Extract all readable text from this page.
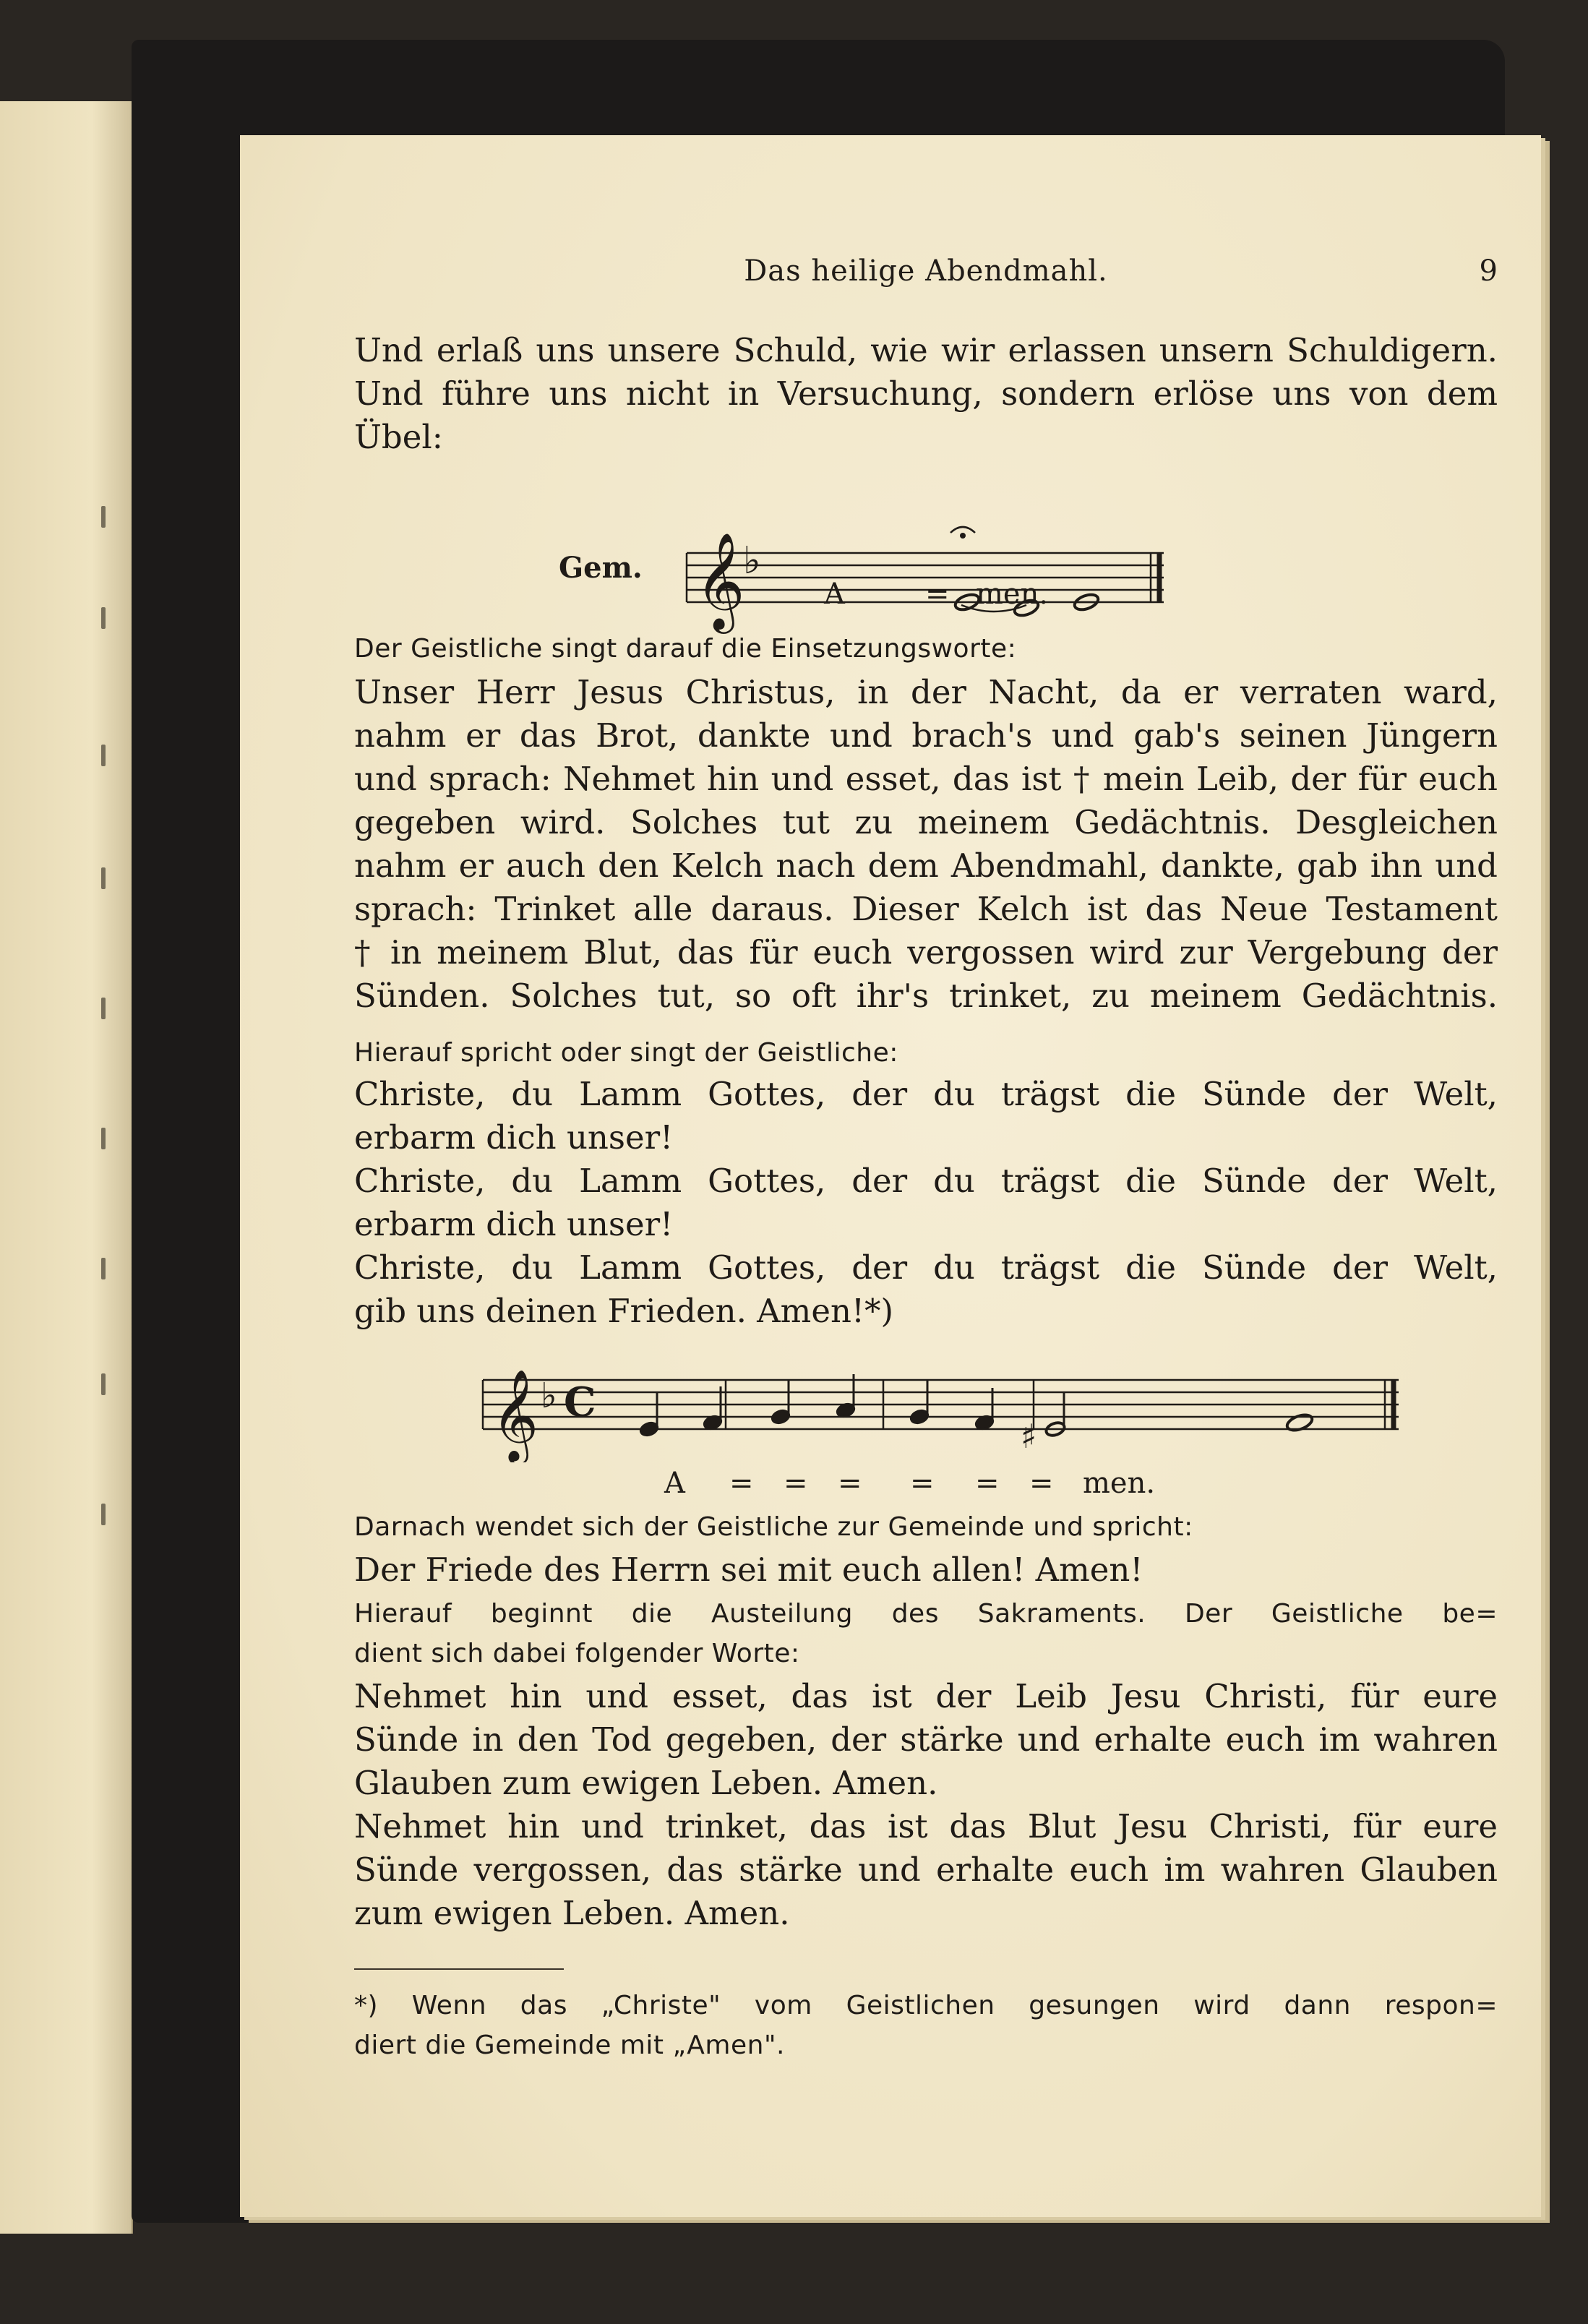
Das heilige Abendmahl.	9
Und erlaß uns unsere Schuld, wie wir erlassen unsern Schuldigern.
Und führe uns nicht in Versuchung, sondern erlöse uns von dem
Übel:
Gem. 𝄞
♭
A	= men.
Der Geistliche singt darauf die Einsetzungsworte:
Unser Herr Jesus Christus, in der Nacht, da er verraten ward,
nahm er das Brot, dankte und brach's und gab's seinen Jüngern
und sprach: Nehmet hin und esset, das ist † mein Leib, der für euch
gegeben wird. Solches tut zu meinem Gedächtnis. Desgleichen
nahm er auch den Kelch nach dem Abendmahl, dankte, gab ihn und
sprach: Trinket alle daraus. Dieser Kelch ist das Neue Testament
† in meinem Blut, das für euch vergossen wird zur Vergebung der
Sünden. Solches tut, so oft ihr's trinket, zu meinem Gedächtnis.
Hierauf spricht oder singt der Geistliche:
Christe, du Lamm Gottes, der du trägst die Sünde der Welt,
erbarm dich unser!
Christe, du Lamm Gottes, der du trägst die Sünde der Welt,
erbarm dich unser!
Christe, du Lamm Gottes, der du trägst die Sünde der Welt,
gib uns deinen Frieden. Amen!*)
𝄞 ♭ C
♯
A = = = = = = men.
Darnach wendet sich der Geistliche zur Gemeinde und spricht:
Der Friede des Herrn sei mit euch allen! Amen!
Hierauf beginnt die Austeilung des Sakraments. Der Geistliche be=
dient sich dabei folgender Worte:
Nehmet hin und esset, das ist der Leib Jesu Christi, für eure
Sünde in den Tod gegeben, der stärke und erhalte euch im wahren
Glauben zum ewigen Leben. Amen.
Nehmet hin und trinket, das ist das Blut Jesu Christi, für eure
Sünde vergossen, das stärke und erhalte euch im wahren Glauben
zum ewigen Leben. Amen.
*) Wenn das „Christe" vom Geistlichen gesungen wird dann respon=
diert die Gemeinde mit „Amen".
